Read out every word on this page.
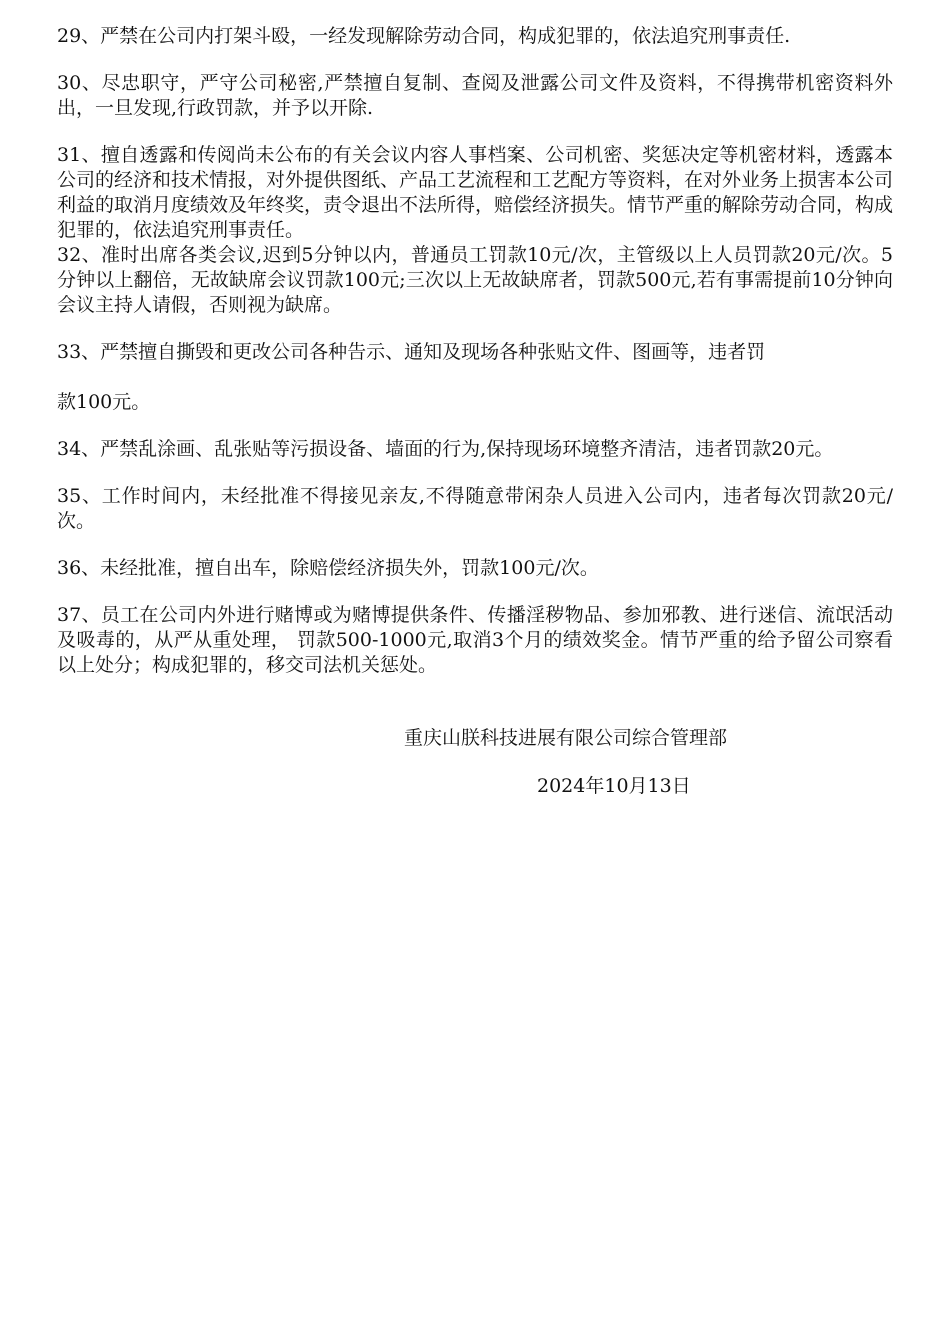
29、严禁在公司内打架斗殴，一经发现解除劳动合同，构成犯罪的，依法追究刑事责任.

30、尽忠职守，严守公司秘密,严禁擅自复制、查阅及泄露公司文件及资料，不得携带机密资料外出，一旦发现,行政罚款，并予以开除.

31、擅自透露和传阅尚未公布的有关会议内容人事档案、公司机密、奖惩决定等机密材料，透露本公司的经济和技术情报，对外提供图纸、产品工艺流程和工艺配方等资料，在对外业务上损害本公司利益的取消月度绩效及年终奖，责令退出不法所得，赔偿经济损失。情节严重的解除劳动合同，构成犯罪的，依法追究刑事责任。

32、准时出席各类会议,迟到5分钟以内，普通员工罚款10元/次，主管级以上人员罚款20元/次。5分钟以上翻倍，无故缺席会议罚款100元;三次以上无故缺席者，罚款500元,若有事需提前10分钟向会议主持人请假，否则视为缺席。

33、严禁擅自撕毁和更改公司各种告示、通知及现场各种张贴文件、图画等，违者罚

款100元。

34、严禁乱涂画、乱张贴等污损设备、墙面的行为,保持现场环境整齐清洁，违者罚款20元。

35、工作时间内，未经批准不得接见亲友,不得随意带闲杂人员进入公司内，违者每次罚款20元/次。

36、未经批准，擅自出车，除赔偿经济损失外，罚款100元/次。

37、员工在公司内外进行赌博或为赌博提供条件、传播淫秽物品、参加邪教、进行迷信、流氓活动及吸毒的，从严从重处理， 罚款500-1000元,取消3个月的绩效奖金。情节严重的给予留公司察看以上处分；构成犯罪的，移交司法机关惩处。

重庆山朕科技进展有限公司综合管理部
2024年10月13日
